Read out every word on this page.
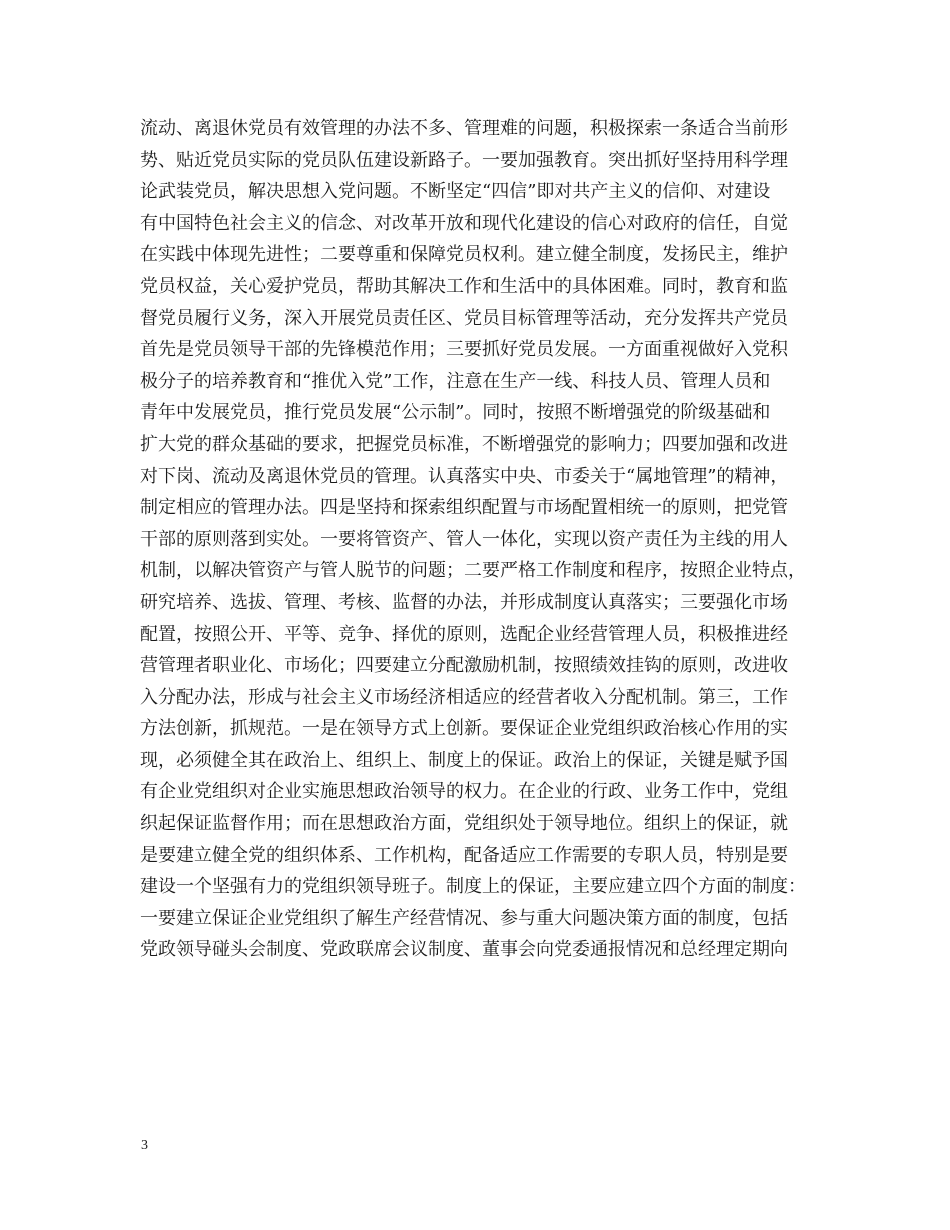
流动、离退休党员有效管理的办法不多、管理难的问题，积极探索一条适合当前形
势、贴近党员实际的党员队伍建设新路子。一要加强教育。突出抓好坚持用科学理
论武装党员，解决思想入党问题。不断坚定“四信”即对共产主义的信仰、对建设
有中国特色社会主义的信念、对改革开放和现代化建设的信心对政府的信任，自觉
在实践中体现先进性；二要尊重和保障党员权利。建立健全制度，发扬民主，维护
党员权益，关心爱护党员，帮助其解决工作和生活中的具体困难。同时，教育和监
督党员履行义务，深入开展党员责任区、党员目标管理等活动，充分发挥共产党员
首先是党员领导干部的先锋模范作用；三要抓好党员发展。一方面重视做好入党积
极分子的培养教育和“推优入党”工作，注意在生产一线、科技人员、管理人员和
青年中发展党员，推行党员发展“公示制”。同时，按照不断增强党的阶级基础和
扩大党的群众基础的要求，把握党员标准，不断增强党的影响力；四要加强和改进
对下岗、流动及离退休党员的管理。认真落实中央、市委关于“属地管理”的精神，
制定相应的管理办法。四是坚持和探索组织配置与市场配置相统一的原则，把党管
干部的原则落到实处。一要将管资产、管人一体化，实现以资产责任为主线的用人
机制，以解决管资产与管人脱节的问题；二要严格工作制度和程序，按照企业特点，
研究培养、选拔、管理、考核、监督的办法，并形成制度认真落实；三要强化市场
配置，按照公开、平等、竞争、择优的原则，选配企业经营管理人员，积极推进经
营管理者职业化、市场化；四要建立分配激励机制，按照绩效挂钩的原则，改进收
入分配办法，形成与社会主义市场经济相适应的经营者收入分配机制。第三，工作
方法创新，抓规范。一是在领导方式上创新。要保证企业党组织政治核心作用的实
现，必须健全其在政治上、组织上、制度上的保证。政治上的保证，关键是赋予国
有企业党组织对企业实施思想政治领导的权力。在企业的行政、业务工作中，党组
织起保证监督作用；而在思想政治方面，党组织处于领导地位。组织上的保证，就
是要建立健全党的组织体系、工作机构，配备适应工作需要的专职人员，特别是要
建设一个坚强有力的党组织领导班子。制度上的保证，主要应建立四个方面的制度：
一要建立保证企业党组织了解生产经营情况、参与重大问题决策方面的制度，包括
党政领导碰头会制度、党政联席会议制度、董事会向党委通报情况和总经理定期向
3
